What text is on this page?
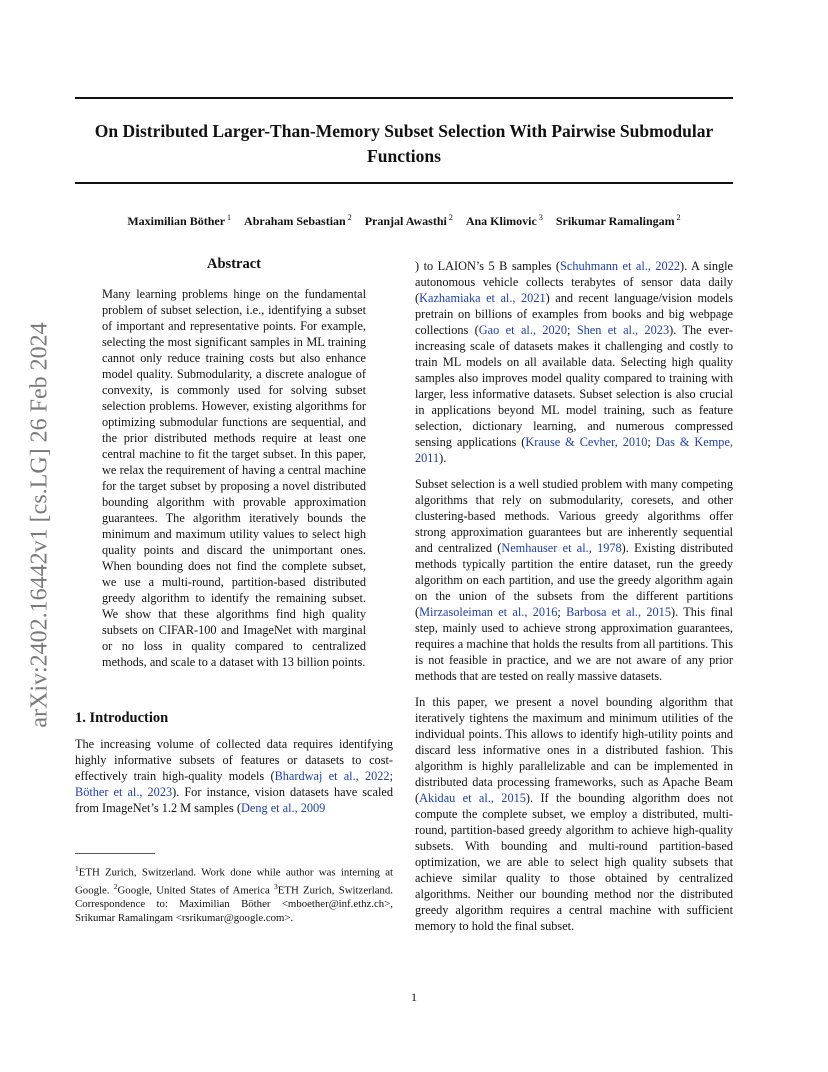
On Distributed Larger-Than-Memory Subset Selection With Pairwise Submodular Functions
Maximilian Böther $^1$ Abraham Sebastian $^2$ Pranjal Awasthi $^2$ Ana Klimovic $^3$ Srikumar Ramalingam $^2$
arXiv:2402.16442v1 [cs.LG] 26 Feb 2024
Abstract
Many learning problems hinge on the fundamental problem of subset selection, i.e., identifying a subset of important and representative points. For example, selecting the most significant samples in ML training cannot only reduce training costs but also enhance model quality. Submodularity, a discrete analogue of convexity, is commonly used for solving subset selection problems. However, existing algorithms for optimizing submodular functions are sequential, and the prior distributed methods require at least one central machine to fit the target subset. In this paper, we relax the requirement of having a central machine for the target subset by proposing a novel distributed bounding algorithm with provable approximation guarantees. The algorithm iteratively bounds the minimum and maximum utility values to select high quality points and discard the unimportant ones. When bounding does not find the complete subset, we use a multi-round, partition-based distributed greedy algorithm to identify the remaining subset. We show that these algorithms find high quality subsets on CIFAR-100 and ImageNet with marginal or no loss in quality compared to centralized methods, and scale to a dataset with 13 billion points.
1. Introduction

The increasing volume of collected data requires identifying highly informative subsets of features or datasets to cost-effectively train high-quality models (Bhardwaj et al., 2022; Böther et al., 2023). For instance, vision datasets have scaled from ImageNet’s 1.2 M samples (Deng et al., 2009

) to LAION’s 5 B samples (Schuhmann et al., 2022). A single autonomous vehicle collects terabytes of sensor data daily (Kazhamiaka et al., 2021) and recent language/vision models pretrain on billions of examples from books and big webpage collections (Gao et al., 2020; Shen et al., 2023). The ever-increasing scale of datasets makes it challenging and costly to train ML models on all available data. Selecting high quality samples also improves model quality compared to training with larger, less informative datasets. Subset selection is also crucial in applications beyond ML model training, such as feature selection, dictionary learning, and numerous compressed sensing applications (Krause & Cevher, 2010; Das & Kempe, 2011).

Subset selection is a well studied problem with many competing algorithms that rely on submodularity, coresets, and other clustering-based methods. Various greedy algorithms offer strong approximation guarantees but are inherently sequential and centralized (Nemhauser et al., 1978). Existing distributed methods typically partition the entire dataset, run the greedy algorithm on each partition, and use the greedy algorithm again on the union of the subsets from the different partitions (Mirzasoleiman et al., 2016; Barbosa et al., 2015). This final step, mainly used to achieve strong approximation guarantees, requires a machine that holds the results from all partitions. This is not feasible in practice, and we are not aware of any prior methods that are tested on really massive datasets.

In this paper, we present a novel bounding algorithm that iteratively tightens the maximum and minimum utilities of the individual points. This allows to identify high-utility points and discard less informative ones in a distributed fashion. This algorithm is highly parallelizable and can be implemented in distributed data processing frameworks, such as Apache Beam (Akidau et al., 2015). If the bounding algorithm does not compute the complete subset, we employ a distributed, multi-round, partition-based greedy algorithm to achieve high-quality subsets. With bounding and multi-round partition-based optimization, we are able to select high quality subsets that achieve similar quality to those obtained by centralized algorithms. Neither our bounding method nor the distributed greedy algorithm requires a central machine with sufficient memory to hold the final subset.

$^1$ETH Zurich, Switzerland. Work done while author was interning at Google. $^2$Google, United States of America $^3$ETH Zurich, Switzerland. Correspondence to: Maximilian Böther <mboether@inf.ethz.ch>, Srikumar Ramalingam <rsrikumar@google.com>.
1
